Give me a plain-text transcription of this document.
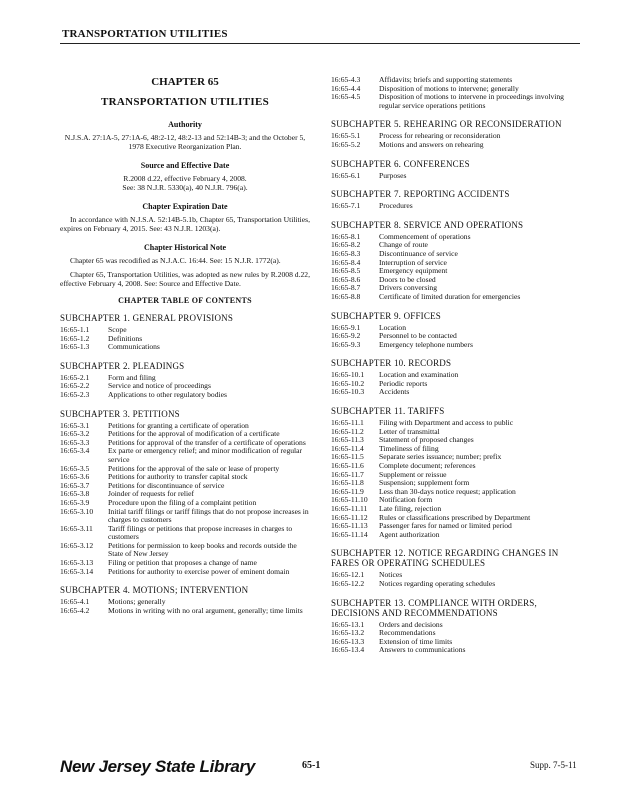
TRANSPORTATION UTILITIES
CHAPTER 65
TRANSPORTATION UTILITIES
Authority
N.J.S.A. 27:1A-5, 27:1A-6, 48:2-12, 48:2-13 and 52:14B-3; and the October 5, 1978 Executive Reorganization Plan.
Source and Effective Date
R.2008 d.22, effective February 4, 2008.
See: 38 N.J.R. 5330(a), 40 N.J.R. 796(a).
Chapter Expiration Date
In accordance with N.J.S.A. 52:14B-5.1b, Chapter 65, Transportation Utilities, expires on February 4, 2015. See: 43 N.J.R. 1203(a).
Chapter Historical Note
Chapter 65 was recodified as N.J.A.C. 16:44. See: 15 N.J.R. 1772(a).
Chapter 65, Transportation Utilities, was adopted as new rules by R.2008 d.22, effective February 4, 2008. See: Source and Effective Date.
CHAPTER TABLE OF CONTENTS
SUBCHAPTER 1. GENERAL PROVISIONS
16:65-1.1	Scope
16:65-1.2	Definitions
16:65-1.3	Communications
SUBCHAPTER 2. PLEADINGS
16:65-2.1	Form and filing
16:65-2.2	Service and notice of proceedings
16:65-2.3	Applications to other regulatory bodies
SUBCHAPTER 3. PETITIONS
16:65-3.1	Petitions for granting a certificate of operation
16:65-3.2	Petitions for the approval of modification of a certificate
16:65-3.3	Petitions for approval of the transfer of a certificate of operations
16:65-3.4	Ex parte or emergency relief; and minor modification of regular service
16:65-3.5	Petitions for the approval of the sale or lease of property
16:65-3.6	Petitions for authority to transfer capital stock
16:65-3.7	Petitions for discontinuance of service
16:65-3.8	Joinder of requests for relief
16:65-3.9	Procedure upon the filing of a complaint petition
16:65-3.10	Initial tariff filings or tariff filings that do not propose increases in charges to customers
16:65-3.11	Tariff filings or petitions that propose increases in charges to customers
16:65-3.12	Petitions for permission to keep books and records outside the State of New Jersey
16:65-3.13	Filing or petition that proposes a change of name
16:65-3.14	Petitions for authority to exercise power of eminent domain
SUBCHAPTER 4. MOTIONS; INTERVENTION
16:65-4.1	Motions; generally
16:65-4.2	Motions in writing with no oral argument, generally; time limits
16:65-4.3	Affidavits; briefs and supporting statements
16:65-4.4	Disposition of motions to intervene; generally
16:65-4.5	Disposition of motions to intervene in proceedings involving regular service operations petitions
SUBCHAPTER 5. REHEARING OR RECONSIDERATION
16:65-5.1	Process for rehearing or reconsideration
16:65-5.2	Motions and answers on rehearing
SUBCHAPTER 6. CONFERENCES
16:65-6.1	Purposes
SUBCHAPTER 7. REPORTING ACCIDENTS
16:65-7.1	Procedures
SUBCHAPTER 8. SERVICE AND OPERATIONS
16:65-8.1	Commencement of operations
16:65-8.2	Change of route
16:65-8.3	Discontinuance of service
16:65-8.4	Interruption of service
16:65-8.5	Emergency equipment
16:65-8.6	Doors to be closed
16:65-8.7	Drivers conversing
16:65-8.8	Certificate of limited duration for emergencies
SUBCHAPTER 9. OFFICES
16:65-9.1	Location
16:65-9.2	Personnel to be contacted
16:65-9.3	Emergency telephone numbers
SUBCHAPTER 10. RECORDS
16:65-10.1	Location and examination
16:65-10.2	Periodic reports
16:65-10.3	Accidents
SUBCHAPTER 11. TARIFFS
16:65-11.1	Filing with Department and access to public
16:65-11.2	Letter of transmittal
16:65-11.3	Statement of proposed changes
16:65-11.4	Timeliness of filing
16:65-11.5	Separate series issuance; number; prefix
16:65-11.6	Complete document; references
16:65-11.7	Supplement or reissue
16:65-11.8	Suspension; supplement form
16:65-11.9	Less than 30-days notice request; application
16:65-11.10	Notification form
16:65-11.11	Late filing, rejection
16:65-11.12	Rules or classifications prescribed by Department
16:65-11.13	Passenger fares for named or limited period
16:65-11.14	Agent authorization
SUBCHAPTER 12. NOTICE REGARDING CHANGES IN FARES OR OPERATING SCHEDULES
16:65-12.1	Notices
16:65-12.2	Notices regarding operating schedules
SUBCHAPTER 13. COMPLIANCE WITH ORDERS, DECISIONS AND RECOMMENDATIONS
16:65-13.1	Orders and decisions
16:65-13.2	Recommendations
16:65-13.3	Extension of time limits
16:65-13.4	Answers to communications
New Jersey State Library	65-1	Supp. 7-5-11
